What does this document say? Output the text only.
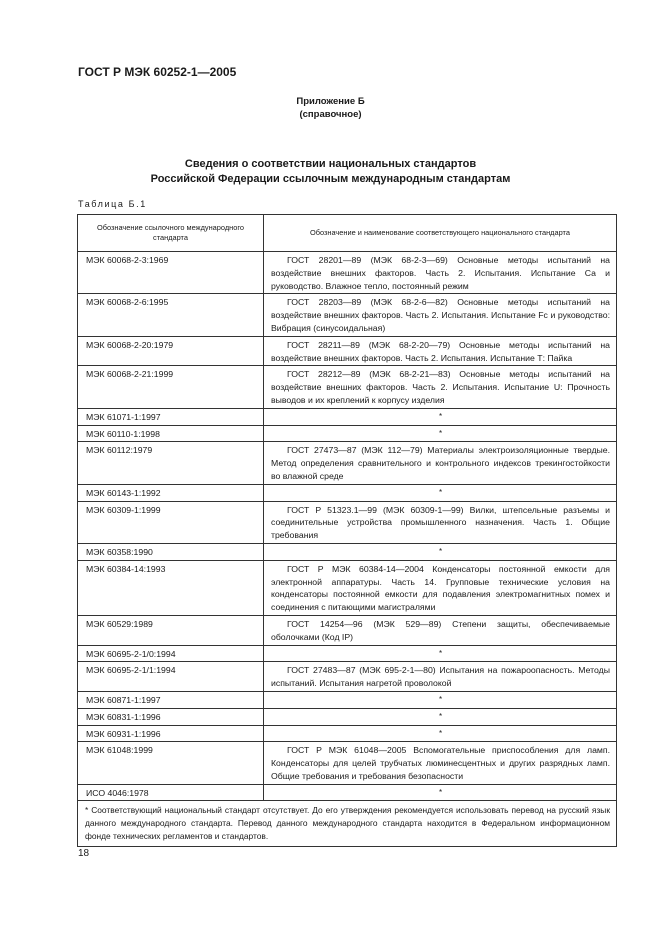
ГОСТ Р МЭК 60252-1—2005
Приложение Б
(справочное)
Сведения о соответствии национальных стандартов
Российской Федерации ссылочным международным стандартам
Таблица Б.1
Обозначение ссылочного международного стандарта	Обозначение и наименование соответствующего национального стандарта
МЭК 60068-2-3:1969	ГОСТ 28201—89 (МЭК 68-2-3—69) Основные методы испытаний на воздействие внешних факторов. Часть 2. Испытания. Испытание Са и руководство. Влажное тепло, постоянный режим
МЭК 60068-2-6:1995	ГОСТ 28203—89 (МЭК 68-2-6—82) Основные методы испытаний на воздействие внешних факторов. Часть 2. Испытания. Испытание Fc и руководство: Вибрация (синусоидальная)
МЭК 60068-2-20:1979	ГОСТ 28211—89 (МЭК 68-2-20—79) Основные методы испытаний на воздействие внешних факторов. Часть 2. Испытания. Испытание Т: Пайка
МЭК 60068-2-21:1999	ГОСТ 28212—89 (МЭК 68-2-21—83) Основные методы испытаний на воздействие внешних факторов. Часть 2. Испытания. Испытание U: Прочность выводов и их креплений к корпусу изделия
МЭК 61071-1:1997	*
МЭК 60110-1:1998	*
МЭК 60112:1979	ГОСТ 27473—87 (МЭК 112—79) Материалы электроизоляционные твердые. Метод определения сравнительного и контрольного индексов трекингостойкости во влажной среде
МЭК 60143-1:1992	*
МЭК 60309-1:1999	ГОСТ Р 51323.1—99 (МЭК 60309-1—99) Вилки, штепсельные разъемы и соединительные устройства промышленного назначения. Часть 1. Общие требования
МЭК 60358:1990	*
МЭК 60384-14:1993	ГОСТ Р МЭК 60384-14—2004 Конденсаторы постоянной емкости для электронной аппаратуры. Часть 14. Групповые технические условия на конденсаторы постоянной емкости для подавления электромагнитных помех и соединения с питающими магистралями
МЭК 60529:1989	ГОСТ 14254—96 (МЭК 529—89) Степени защиты, обеспечиваемые оболочками (Код IP)
МЭК 60695-2-1/0:1994	*
МЭК 60695-2-1/1:1994	ГОСТ 27483—87 (МЭК 695-2-1—80) Испытания на пожароопасность. Методы испытаний. Испытания нагретой проволокой
МЭК 60871-1:1997	*
МЭК 60831-1:1996	*
МЭК 60931-1:1996	*
МЭК 61048:1999	ГОСТ Р МЭК 61048—2005 Вспомогательные приспособления для ламп. Конденсаторы для целей трубчатых люминесцентных и других разрядных ламп. Общие требования и требования безопасности
ИСО 4046:1978	*
* Соответствующий национальный стандарт отсутствует. До его утверждения рекомендуется использовать перевод на русский язык данного международного стандарта. Перевод данного международного стандарта находится в Федеральном информационном фонде технических регламентов и стандартов.	
18
